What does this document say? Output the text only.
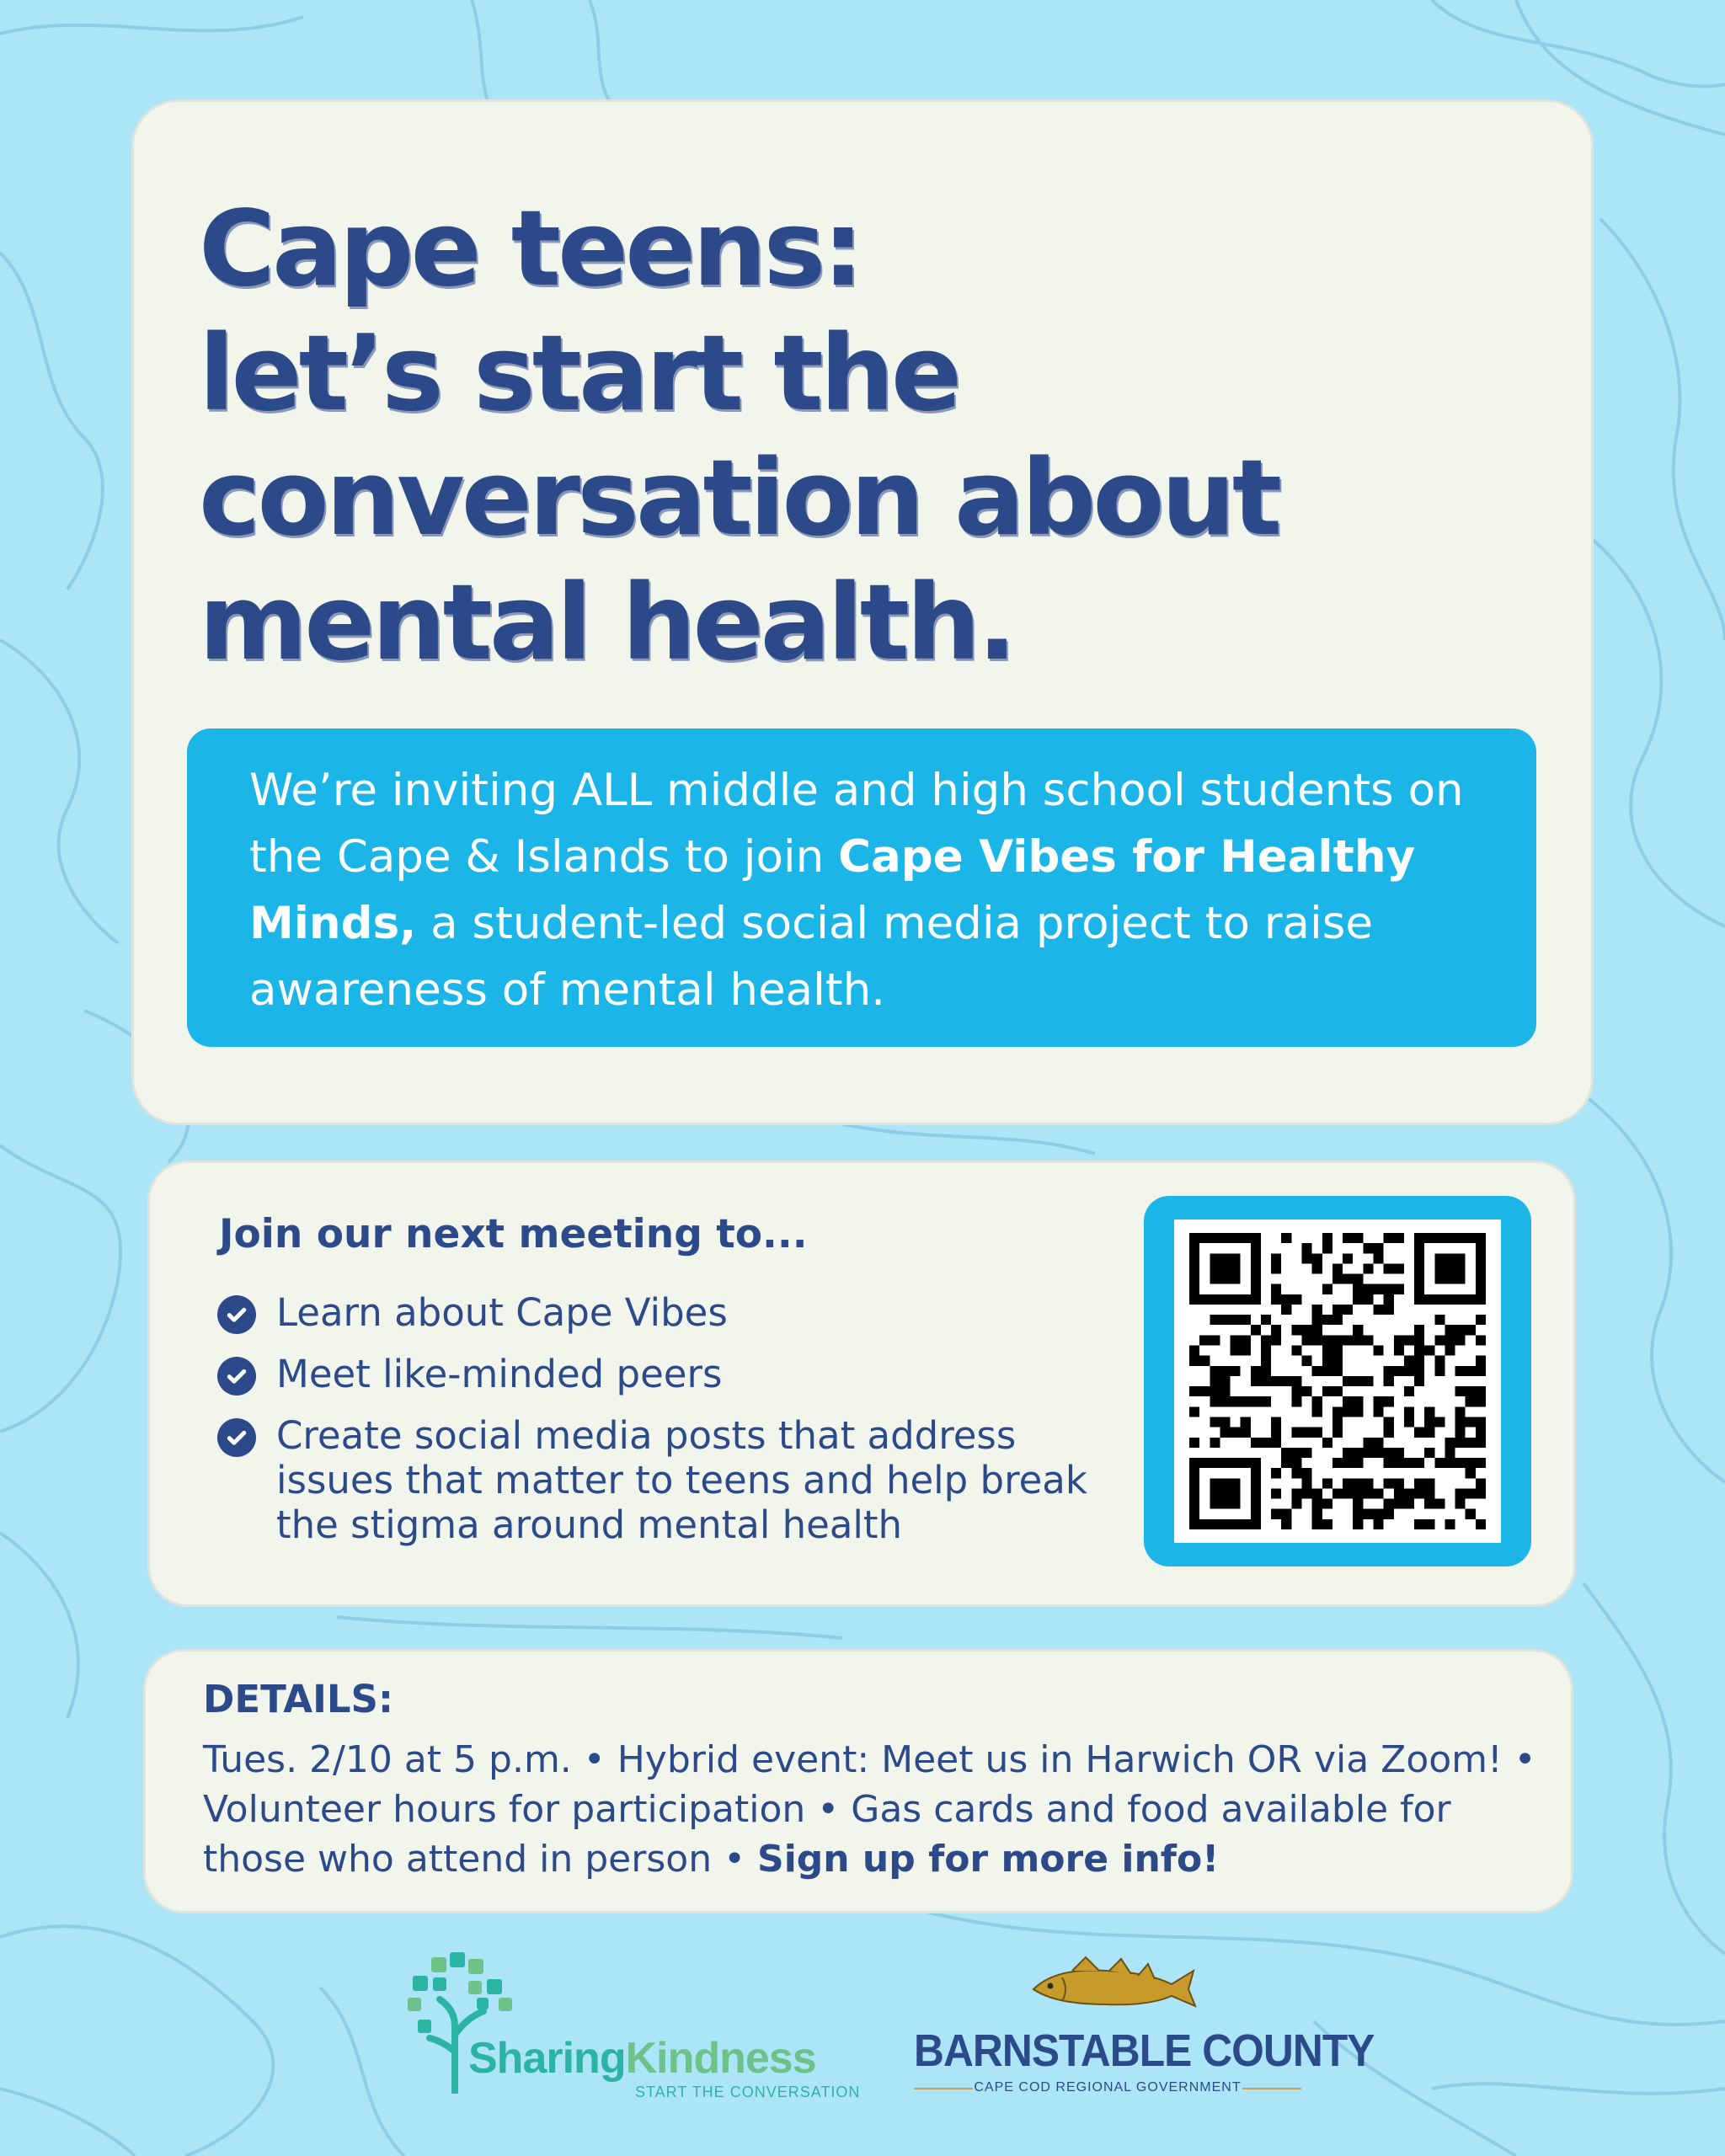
Cape teens:
let’s start the
conversation about
mental health.
We’re inviting ALL middle and high school students on the Cape & Islands to join Cape Vibes for Healthy Minds, a student-led social media project to raise awareness of mental health.
Join our next meeting to...
Learn about Cape Vibes
Meet like-minded peers
Create social media posts that address issues that matter to teens and help break the stigma around mental health
DETAILS:

Tues. 2/10 at 5 p.m. • Hybrid event: Meet us in Harwich OR via Zoom! • Volunteer hours for participation • Gas cards and food available for those who attend in person • Sign up for more info!

SharingKindness
START THE CONVERSATION
BARNSTABLE COUNTY
CAPE COD REGIONAL GOVERNMENT
